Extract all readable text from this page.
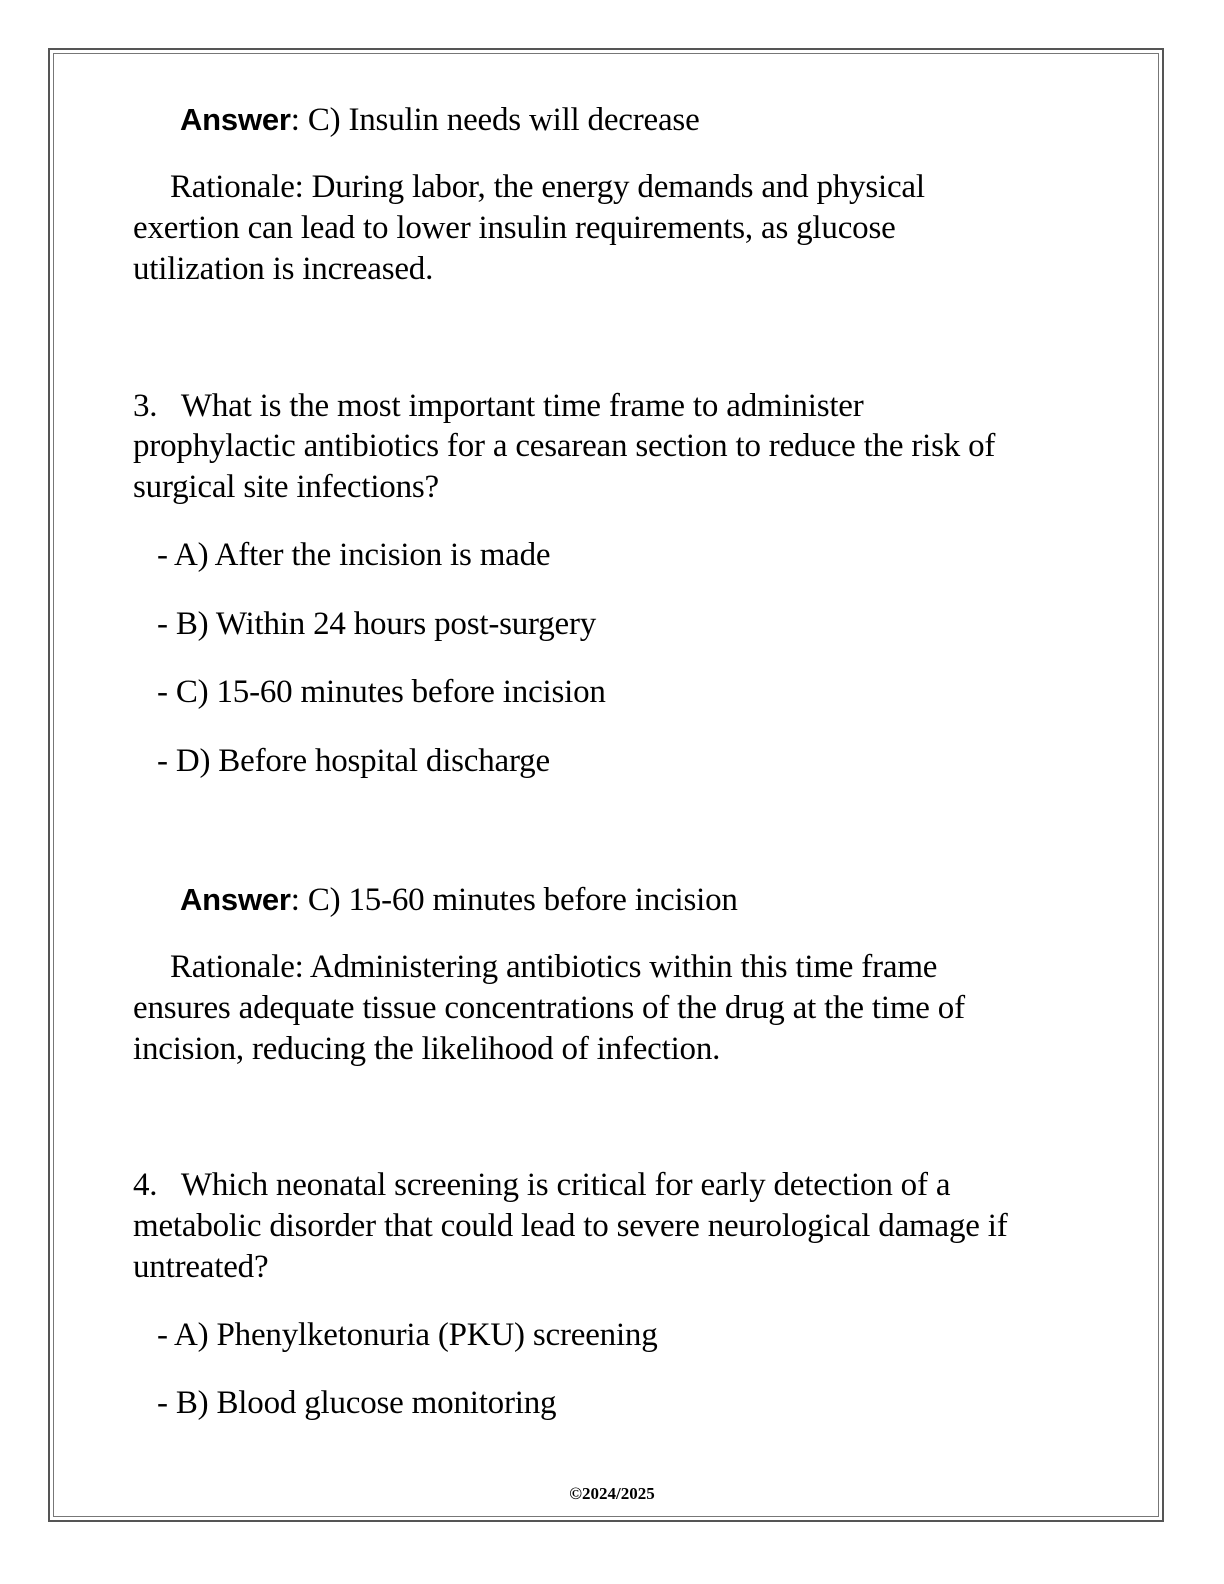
Answer: C) Insulin needs will decrease
Rationale: During labor, the energy demands and physical
exertion can lead to lower insulin requirements, as glucose
utilization is increased.
3.   What is the most important time frame to administer
prophylactic antibiotics for a cesarean section to reduce the risk of
surgical site infections?
- A) After the incision is made
- B) Within 24 hours post-surgery
- C) 15-60 minutes before incision
- D) Before hospital discharge
Answer: C) 15-60 minutes before incision
Rationale: Administering antibiotics within this time frame
ensures adequate tissue concentrations of the drug at the time of
incision, reducing the likelihood of infection.
4.   Which neonatal screening is critical for early detection of a
metabolic disorder that could lead to severe neurological damage if
untreated?
- A) Phenylketonuria (PKU) screening
- B) Blood glucose monitoring
©2024/2025
